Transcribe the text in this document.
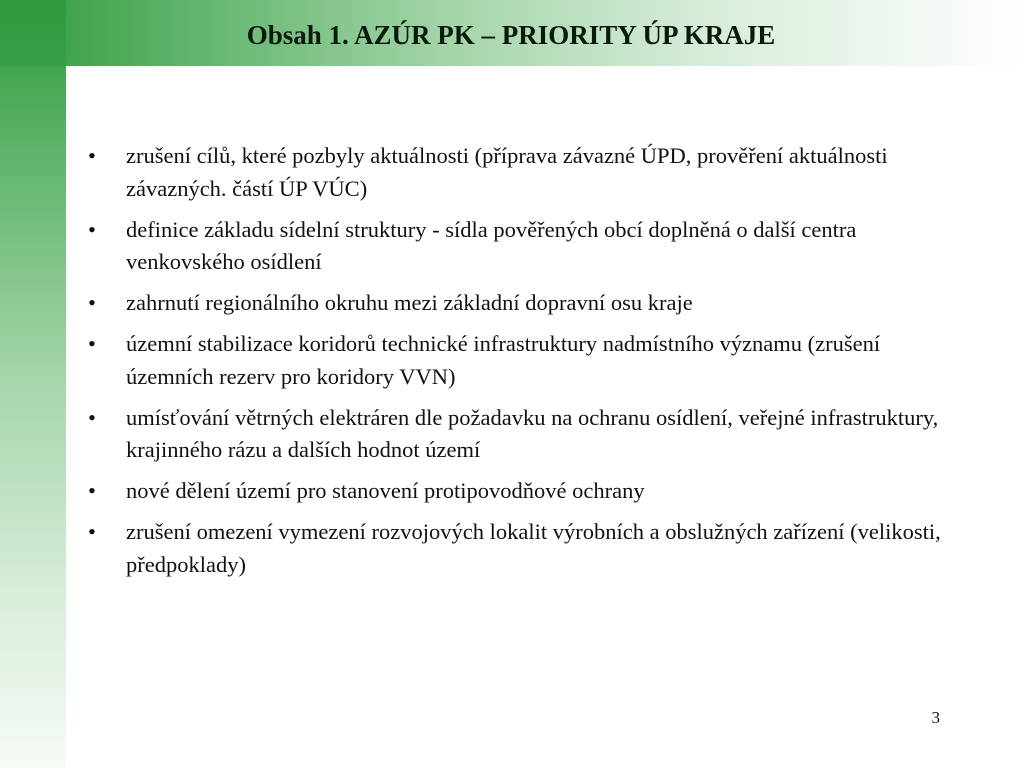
Obsah 1. AZÚR PK – PRIORITY ÚP KRAJE
• zrušení cílů, které pozbyly aktuálnosti (příprava závazné ÚPD, prověření aktuálnosti závazných. částí ÚP VÚC)
• definice základu sídelní struktury - sídla pověřených obcí doplněná o další centra venkovského osídlení
• zahrnutí regionálního okruhu mezi základní dopravní osu kraje
• územní stabilizace koridorů technické infrastruktury nadmístního významu (zrušení územních rezerv pro koridory VVN)
• umísťování větrných elektráren dle požadavku na ochranu osídlení, veřejné infrastruktury, krajinného rázu a dalších hodnot území
• nové dělení území pro stanovení protipovodňové ochrany
• zrušení omezení vymezení rozvojových lokalit výrobních a obslužných zařízení (velikosti, předpoklady)
3
